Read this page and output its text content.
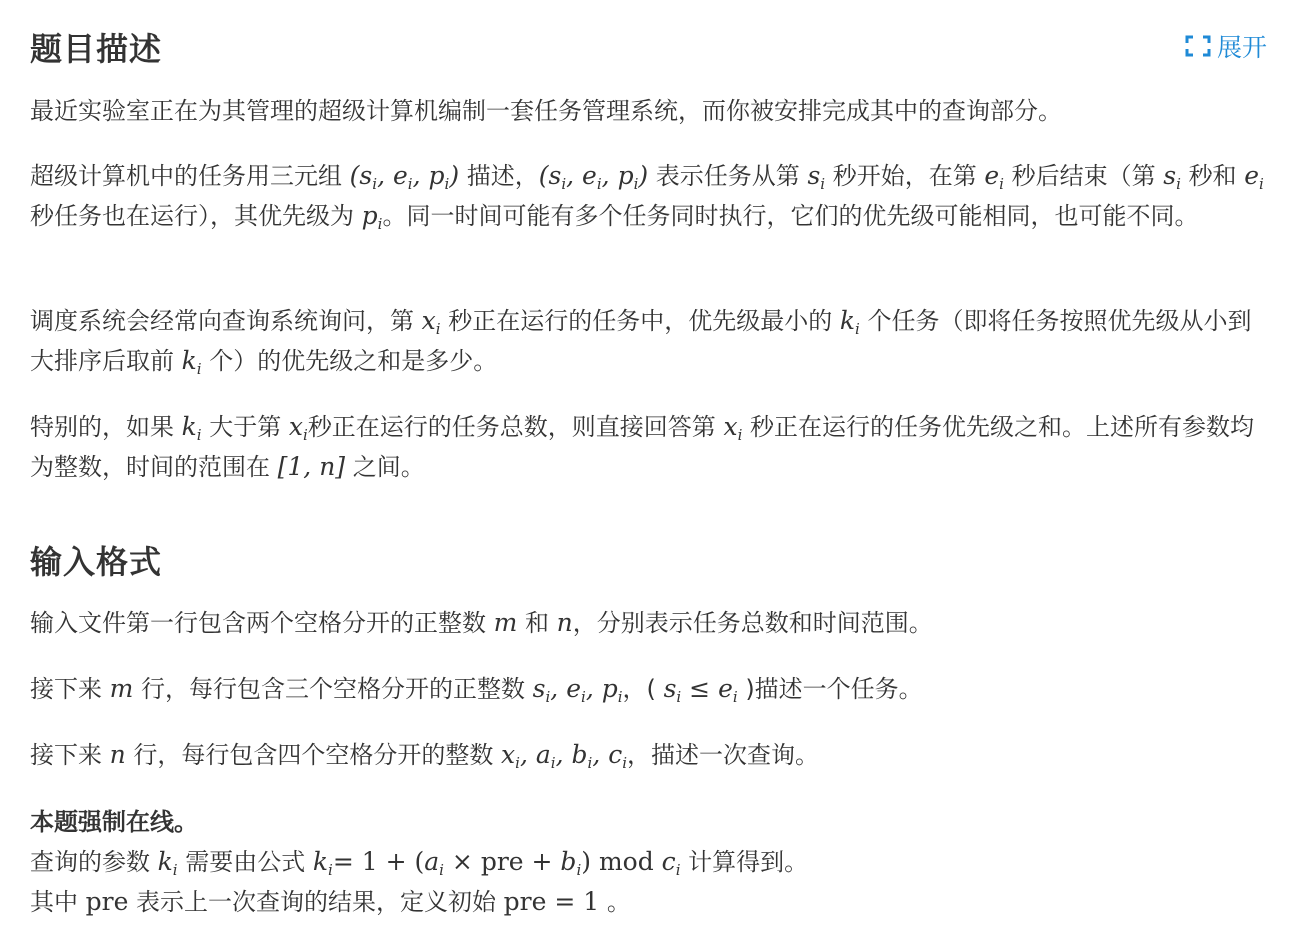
题目描述	展开

最近实验室正在为其管理的超级计算机编制一套任务管理系统，而你被安排完成其中的查询部分。

超级计算机中的任务用三元组 ($s_i$, $e_i$, $p_i$) 描述，($s_i$, $e_i$, $p_i$) 表示任务从第 $s_i$ 秒开始，在第 $e_i$ 秒后结束（第 $s_i$ 秒和 $e_i$ 秒任务也在运行），其优先级为 $p_i$。同一时间可能有多个任务同时执行，它们的优先级可能相同，也可能不同。

调度系统会经常向查询系统询问，第 $x_i$ 秒正在运行的任务中，优先级最小的 $k_i$ 个任务（即将任务按照优先级从小到大排序后取前 $k_i$ 个）的优先级之和是多少。

特别的，如果 $k_i$ 大于第 $x_i$秒正在运行的任务总数，则直接回答第 $x_i$ 秒正在运行的任务优先级之和。上述所有参数均为整数，时间的范围在 [1, n] 之间。

输入格式

输入文件第一行包含两个空格分开的正整数 m 和 n，分别表示任务总数和时间范围。

接下来 m 行，每行包含三个空格分开的正整数 $s_i$, $e_i$, $p_i$，( $s_i \le e_i$ )描述一个任务。

接下来 n 行，每行包含四个空格分开的整数 $x_i$, $a_i$, $b_i$, $c_i$，描述一次查询。

本题强制在线。
查询的参数 $k_i$ 需要由公式 $k_i= 1 + (a_i$ × pre + $b_i$) mod $c_i$ 计算得到。
其中 pre 表示上一次查询的结果，定义初始 pre = 1 。
